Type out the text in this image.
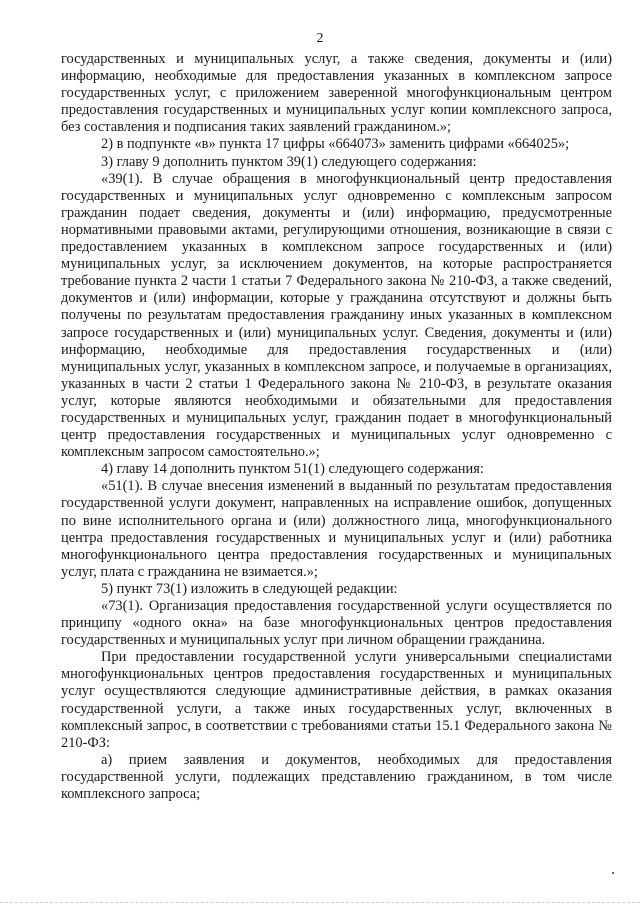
2

государственных и муниципальных услуг, а также сведения, документы и (или) информацию, необходимые для предоставления указанных в комплексном запросе государственных услуг, с приложением заверенной многофункциональным центром предоставления государственных и муниципальных услуг копии комплексного запроса, без составления и подписания таких заявлений гражданином.»;

2) в подпункте «в» пункта 17 цифры «664073» заменить цифрами «664025»;

3) главу 9 дополнить пунктом 39(1) следующего содержания:

«39(1). В случае обращения в многофункциональный центр предоставления государственных и муниципальных услуг одновременно с комплексным запросом гражданин подает сведения, документы и (или) информацию, предусмотренные нормативными правовыми актами, регулирующими отношения, возникающие в связи с предоставлением указанных в комплексном запросе государственных и (или) муниципальных услуг, за исключением документов, на которые распространяется требование пункта 2 части 1 статьи 7 Федерального закона № 210-ФЗ, а также сведений, документов и (или) информации, которые у гражданина отсутствуют и должны быть получены по результатам предоставления гражданину иных указанных в комплексном запросе государственных и (или) муниципальных услуг. Сведения, документы и (или) информацию, необходимые для предоставления государственных и (или) муниципальных услуг, указанных в комплексном запросе, и получаемые в организациях, указанных в части 2 статьи 1 Федерального закона № 210-ФЗ, в результате оказания услуг, которые являются необходимыми и обязательными для предоставления государственных и муниципальных услуг, гражданин подает в многофункциональный центр предоставления государственных и муниципальных услуг одновременно с комплексным запросом самостоятельно.»;

4) главу 14 дополнить пунктом 51(1) следующего содержания:

«51(1). В случае внесения изменений в выданный по результатам предоставления государственной услуги документ, направленных на исправление ошибок, допущенных по вине исполнительного органа и (или) должностного лица, многофункционального центра предоставления государственных и муниципальных услуг и (или) работника многофункционального центра предоставления государственных и муниципальных услуг, плата с гражданина не взимается.»;

5) пункт 73(1) изложить в следующей редакции:

«73(1). Организация предоставления государственной услуги осуществляется по принципу «одного окна» на базе многофункциональных центров предоставления государственных и муниципальных услуг при личном обращении гражданина.

При предоставлении государственной услуги универсальными специалистами многофункциональных центров предоставления государственных и муниципальных услуг осуществляются следующие административные действия, в рамках оказания государственной услуги, а также иных государственных услуг, включенных в комплексный запрос, в соответствии с требованиями статьи 15.1 Федерального закона № 210-ФЗ:

а) прием заявления и документов, необходимых для предоставления государственной услуги, подлежащих представлению гражданином, в том числе комплексного запроса;
